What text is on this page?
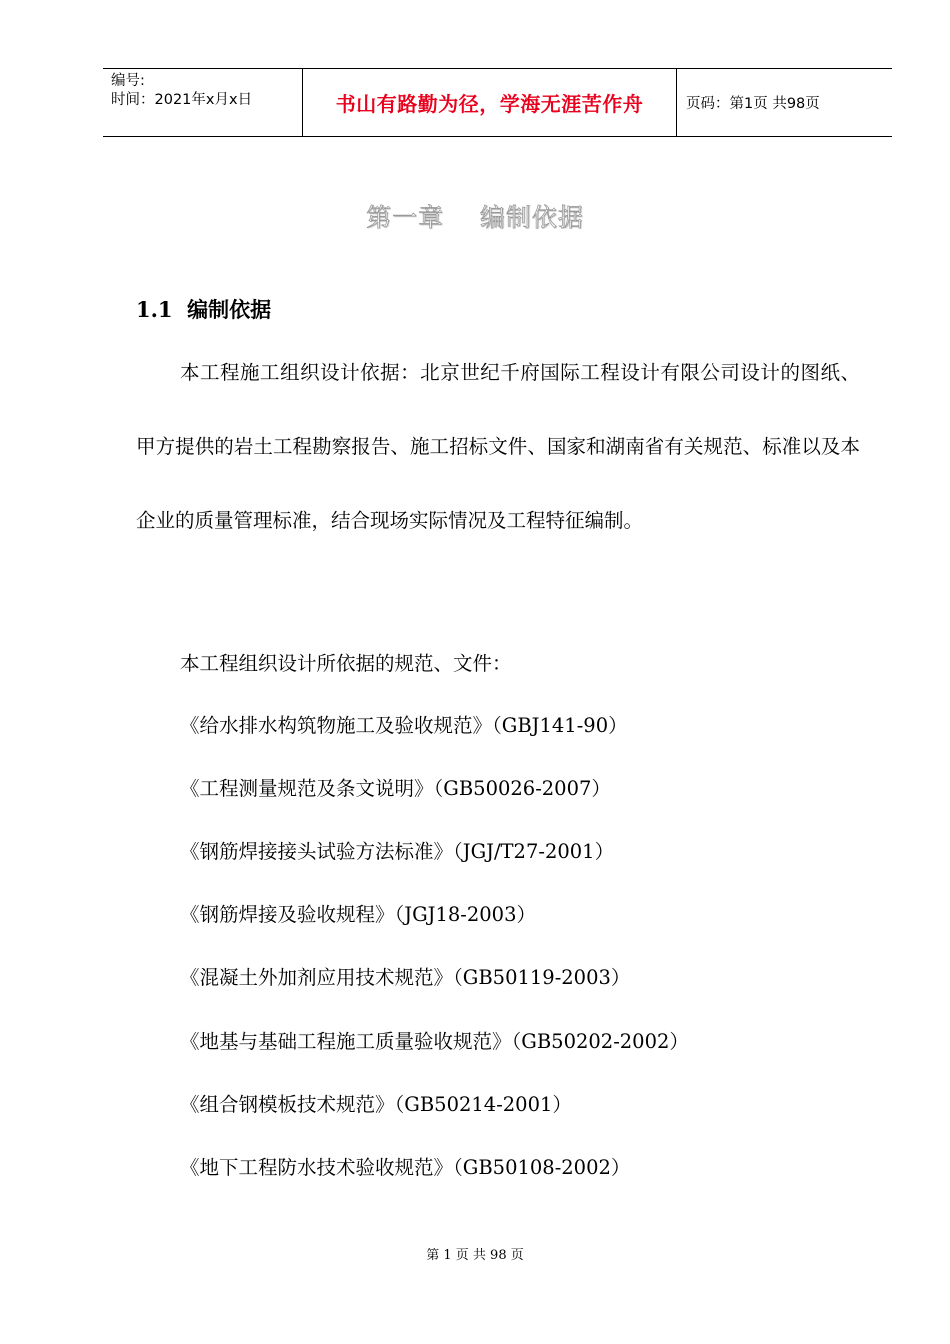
编号:
时间：2021年x月x日	书山有路勤为径，学海无涯苦作舟	页码：第1页 共98页
第一章    编制依据
1.1  编制依据

本工程施工组织设计依据：北京世纪千府国际工程设计有限公司设计的图纸、甲方提供的岩土工程勘察报告、施工招标文件、国家和湖南省有关规范、标准以及本企业的质量管理标准，结合现场实际情况及工程特征编制。

本工程组织设计所依据的规范、文件：
《给水排水构筑物施工及验收规范》（GBJ141-90）
《工程测量规范及条文说明》（GB50026-2007）
《钢筋焊接接头试验方法标准》（JGJ/T27-2001）
《钢筋焊接及验收规程》（JGJ18-2003）
《混凝土外加剂应用技术规范》（GB50119-2003）
《地基与基础工程施工质量验收规范》（GB50202-2002）
《组合钢模板技术规范》（GB50214-2001）
《地下工程防水技术验收规范》（GB50108-2002）
第 1 页 共 98 页
